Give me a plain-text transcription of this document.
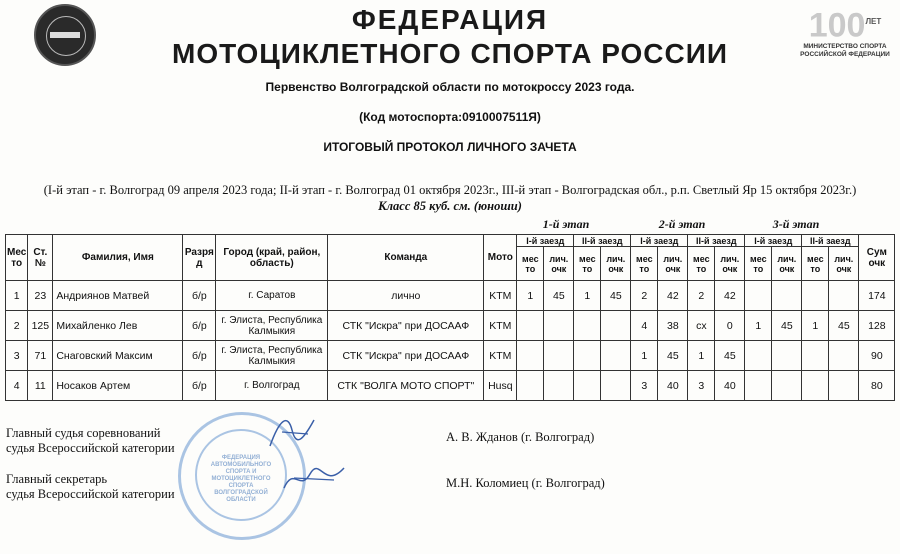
$100^{ЛЕТ}$
МИНИСТЕРСТВО СПОРТА РОССИЙСКОЙ ФЕДЕРАЦИИ
ФЕДЕРАЦИЯ
МОТОЦИКЛЕТНОГО СПОРТА РОССИИ
Первенство Волгоградской области по мотокроссу 2023 года.
(Код мотоспорта:0910007511Я)
ИТОГОВЫЙ ПРОТОКОЛ ЛИЧНОГО ЗАЧЕТА
(I-й этап - г. Волгоград 09 апреля 2023 года; II-й этап - г. Волгоград 01 октября 2023г., III-й этап - Волгоградская обл., р.п. Светлый Яр 15 октября 2023г.)
Класс 85 куб. см. (юноши)
1-й этап	2-й этап	3-й этап
Мес то	Ст. №	Фамилия, Имя	Разря д	Город (край, район, область)	Команда	Мото	I-й заезд		II-й заезд		I-й заезд		II-й заезд		I-й заезд		II-й заезд		Сум очк
							мес то	лич. очк	мес то	лич. очк	мес то	лич. очк	мес то	лич. очк	мес то	лич. очк	мес то	лич. очк	

1	23	Андриянов Матвей	б/р	г. Саратов	лично	KTM	1	45	1	45	2	42	2	42					174
2	125	Михайленко Лев	б/р	г. Элиста, Республика Калмыкия	СТК "Искра" при ДОСААФ	KTM					4	38	сх	0	1	45	1	45	128
3	71	Снаговский Максим	б/р	г. Элиста, Республика Калмыкия	СТК "Искра" при ДОСААФ	KTM					1	45	1	45					90
4	11	Носаков Артем	б/р	г. Волгоград	СТК "ВОЛГА МОТО СПОРТ"	Husq					3	40	3	40					80
ФЕДЕРАЦИЯ АВТОМОБИЛЬНОГО СПОРТА И МОТОЦИКЛЕТНОГО СПОРТА ВОЛГОГРАДСКОЙ ОБЛАСТИ
Главный судья соревнований
судья Всероссийской категории
А. В. Жданов (г. Волгоград)
Главный секретарь
судья Всероссийской категории
М.Н. Коломиец (г. Волгоград)
